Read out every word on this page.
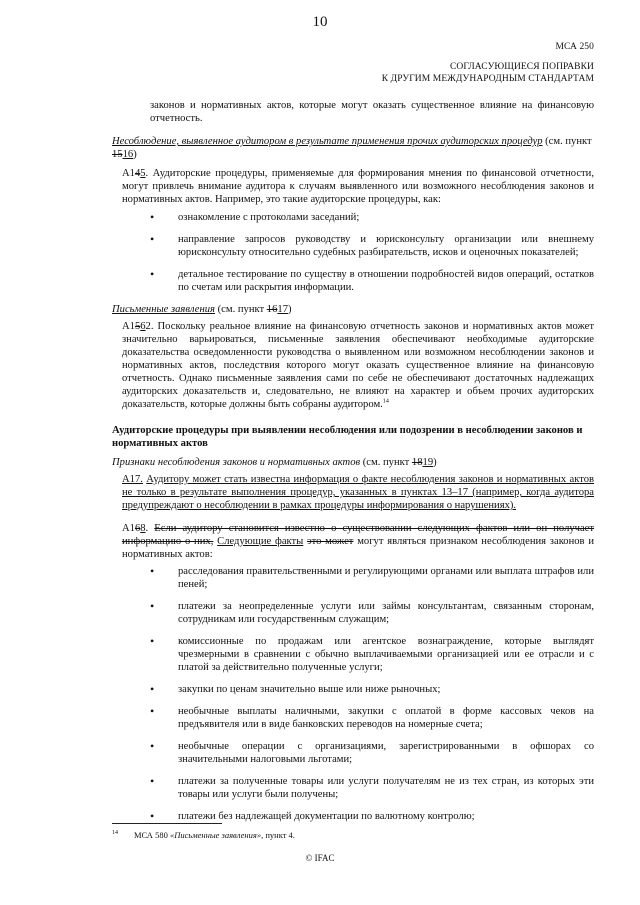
10
МСА 250
СОГЛАСУЮЩИЕСЯ ПОПРАВКИ
К ДРУГИМ МЕЖДУНАРОДНЫМ СТАНДАРТАМ
законов и нормативных актов, которые могут оказать существенное влияние на финансовую отчетность.
Несоблюдение, выявленное аудитором в результате применения прочих аудиторских процедур (см. пункт 1516)
A145. Аудиторские процедуры, применяемые для формирования мнения по финансовой отчетности, могут привлечь внимание аудитора к случаям выявленного или возможного несоблюдения законов и нормативных актов. Например, это такие аудиторские процедуры, как:
• ознакомление с протоколами заседаний;
• направление запросов руководству и юрисконсульту организации или внешнему юрисконсульту относительно судебных разбирательств, исков и оценочных показателей;
• детальное тестирование по существу в отношении подробностей видов операций, остатков по счетам или раскрытия информации.
Письменные заявления (см. пункт 1617)
A1562. Поскольку реальное влияние на финансовую отчетность законов и нормативных актов может значительно варьироваться, письменные заявления обеспечивают необходимые аудиторские доказательства осведомленности руководства о выявленном или возможном несоблюдении законов и нормативных актов, последствия которого могут оказать существенное влияние на финансовую отчетность. Однако письменные заявления сами по себе не обеспечивают достаточных надлежащих аудиторских доказательств и, следовательно, не влияют на характер и объем прочих аудиторских доказательств, которые должны быть собраны аудитором.$^{14}$
Аудиторские процедуры при выявлении несоблюдения или подозрении в несоблюдении законов и нормативных актов
Признаки несоблюдения законов и нормативных актов (см. пункт 1819)
A17. Аудитору может стать известна информация о факте несоблюдения законов и нормативных актов не только в результате выполнения процедур, указанных в пунктах 13–17 (например, когда аудитора предупреждают о несоблюдении в рамках процедуры информирования о нарушениях).
A168. Если аудитору становится известно о существовании следующих фактов или он получает информацию о них, Следующие факты это может могут являться признаком несоблюдения законов и нормативных актов:
• расследования правительственными и регулирующими органами или выплата штрафов или пеней;
• платежи за неопределенные услуги или займы консультантам, связанным сторонам, сотрудникам или государственным служащим;
• комиссионные по продажам или агентское вознаграждение, которые выглядят чрезмерными в сравнении с обычно выплачиваемыми организацией или ее отрасли и с платой за действительно полученные услуги;
• закупки по ценам значительно выше или ниже рыночных;
• необычные выплаты наличными, закупки с оплатой в форме кассовых чеков на предъявителя или в виде банковских переводов на номерные счета;
• необычные операции с организациями, зарегистрированными в офшорах со значительными налоговыми льготами;
• платежи за полученные товары или услуги получателям не из тех стран, из которых эти товары или услуги были получены;
• платежи без надлежащей документации по валютному контролю;
14 МСА 580 «Письменные заявления», пункт 4.
© IFAC
